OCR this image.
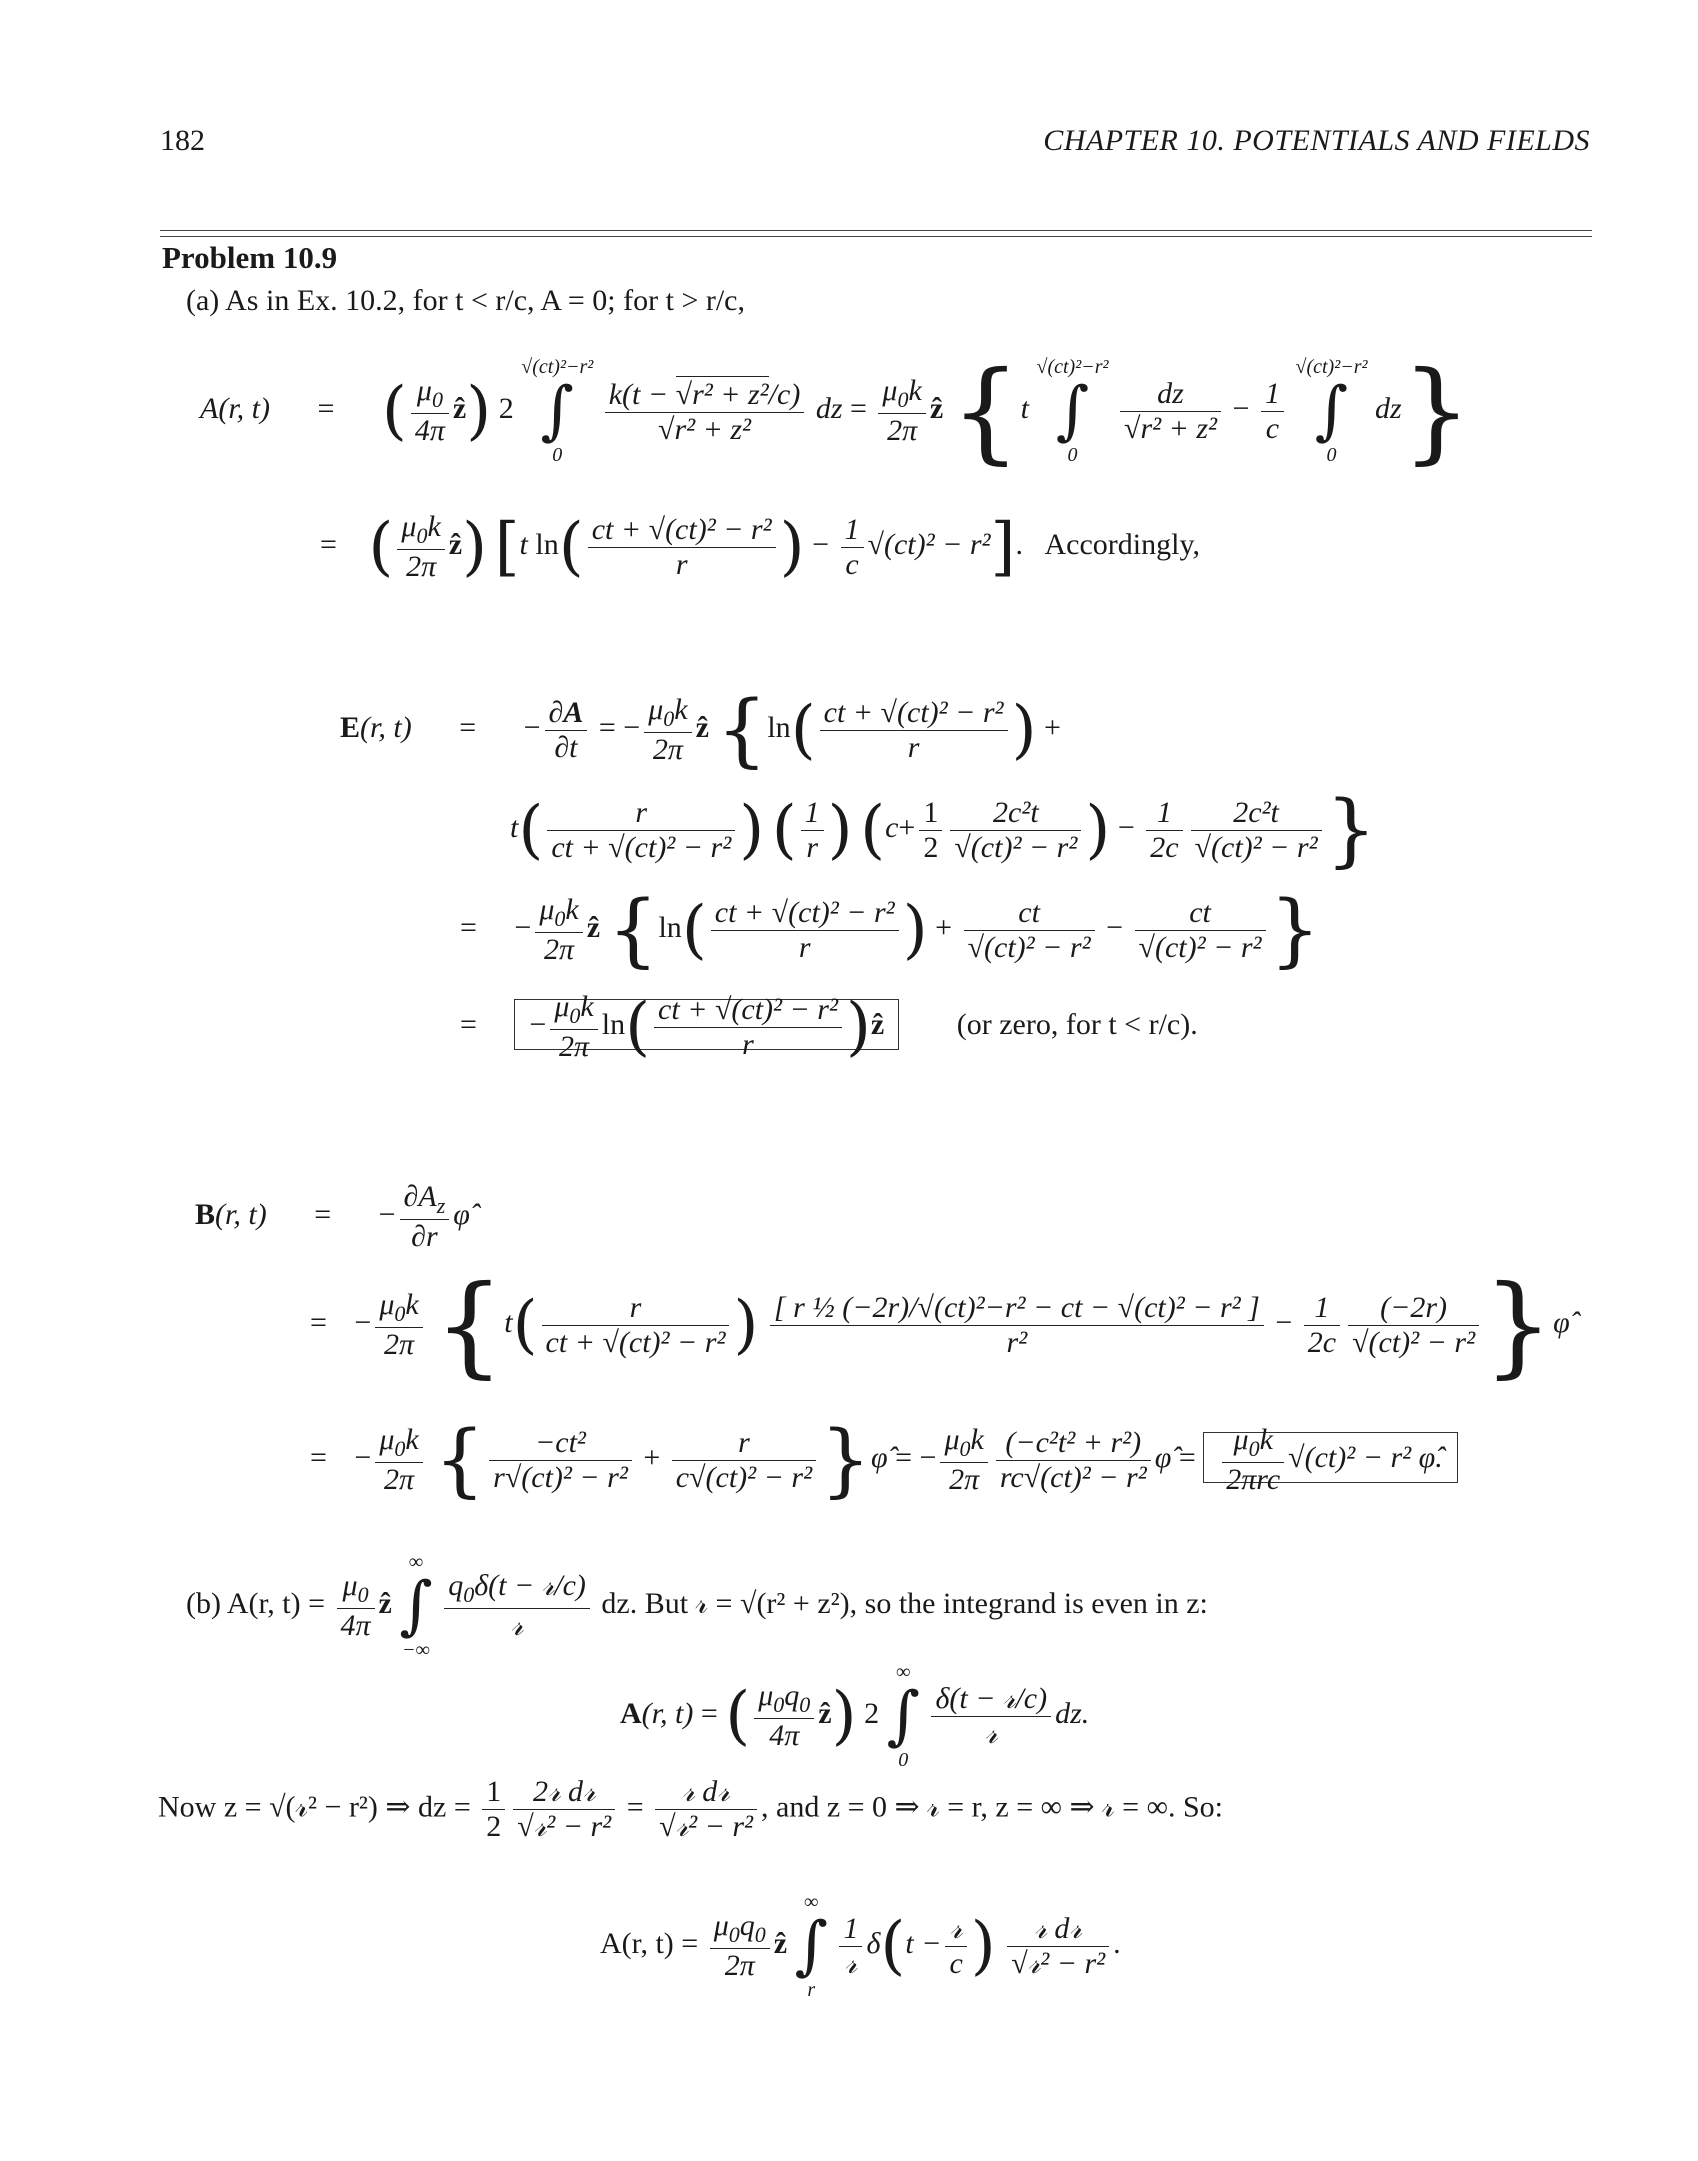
182	CHAPTER 10. POTENTIALS AND FIELDS
Problem 10.9
(a) As in Ex. 10.2, for t < r/c, A = 0; for t > r/c,
A(r, t) = ( $\frac{\mu_0}{4\pi}$ ẑ) 2
√(ct)²−r²
∫
0

$\frac{\text{k(t − √r² + z²/c)}}{\text{√r² + z²}}$ dz = $\frac{\mu_0k}{2\pi}$ ẑ {t
√(ct)²−r²
∫
0

$\frac{dz}{\text{√r² + z²}} - \frac{1}{c}$

√(ct)²−r²
∫
0
dz}
= ( $\frac{\mu_0k}{2\pi}$ ẑ) [t $\ln( \frac{\text{ct + √(ct)² − r²}}{r}$ ) − $\frac{1}{c} √(ct)^2 - r^2$]. Accordingly,
E(r, t) = − $\frac{\partial A}{\partial t}$ = − $\frac{\mu_0k}{2\pi}$ ẑ {$\ln( \frac{\text{ct + √(ct)² − r²}}{r}$ ) +
$t( \frac{r}{\text{ct + √(ct)² − r²}}$ ) ( $\frac{1}{r}$ ) ($c+ \frac{1}{2} \frac{\text{2c²t}}{\text{√(ct)² − r²}}$ ) − $\frac{1}{2c} \frac{\text{2c²t}}{\text{√(ct)² − r²}}$ }
= − $\frac{\mu_0k}{2\pi}$ ẑ {$\ln( \frac{\text{ct + √(ct)² − r²}}{r}$ ) + $\frac{ct}{\text{√(ct)² − r²}} - \frac{ct}{\text{√(ct)² − r²}}$ }
= − $\frac{\mu_0k}{2\pi} \ln( \frac{\text{ct + √(ct)² − r²}}{r}$ )ẑ (or zero, for t < r/c).
B(r, t) = − $\frac{\partial A_z}{\partial r}$ φ̂
= − $\frac{\mu_0k}{2\pi} \{t( \frac{r}{\text{ct + √(ct)² − r²}}$ ) $\frac{\text{[ r ½ (−2r)/√(ct)²−r² − ct − √(ct)² − r² ]}}{\text{r²}} - \frac{1}{2c} \frac{(-2r)}{\text{√(ct)² − r²}}$ }φ̂
= − $\frac{\mu_0k}{2\pi}$ { $\frac{\text{−ct²}}{\text{r√(ct)² − r²}} + \frac{r}{\text{c√(ct)² − r²}}$ }φ̂ = − $\frac{\mu_0k}{2\pi} \frac{\text{(−c²t² + r²)}}{\text{rc√(ct)² − r²}}$ φ̂ = $\frac{\mu_0k}{\text{2πrc}} √(ct)^2 - r^2$ φ̂.
(b) A(r, $t) = \frac{\mu_0}{4\pi}$ ẑ
∞
∫
−∞

$\frac{q_0\delta(t - 𝓇/c)}{\text{𝓇}}$ dz. But 𝓇 = √(r² + z²), so the integrand is even in z:
A(r, t) = ( $\frac{\mu_0q_0}{4\pi}$ ẑ) 2
∞
∫
0

$\frac{\text{δ(t − 𝓇/c)}}{\text{𝓇}}$ dz.
Now z = √(𝓇² − r²) ⇒ dz = $\frac{1}{2} \frac{\text{2𝓇 d𝓇}}{\text{√𝓇² − r²}} = \frac{\text{𝓇 d𝓇}}{\text{√𝓇² − r²}}$ , and z = 0 ⇒ 𝓇 = r, z = ∞ ⇒ 𝓇 = ∞. So:
A(r, $t) = \frac{\mu_0q_0}{2\pi}$ ẑ
∞
∫
r

$\frac{1}{\text{𝓇}} \delta(t - \frac{\text{𝓇}}{c}$ ) $\frac{\text{𝓇 d𝓇}}{\text{√𝓇² − r²}}$ .
